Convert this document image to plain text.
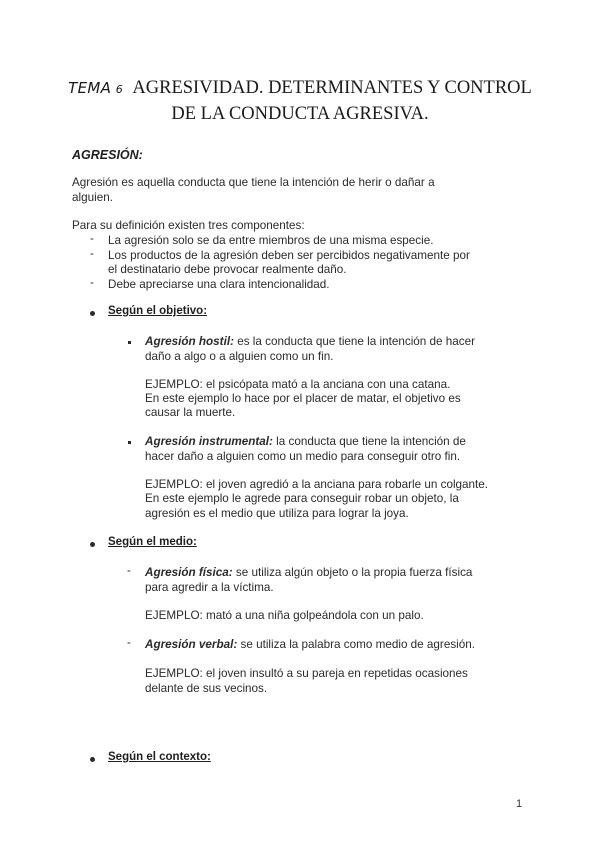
TEMA 6 AGRESIVIDAD. DETERMINANTES Y CONTROL
DE LA CONDUCTA AGRESIVA.
AGRESIÓN:
Agresión es aquella conducta que tiene la intención de herir o dañar a
alguien.
Para su definición existen tres componentes:
- La agresión solo se da entre miembros de una misma especie.
- Los productos de la agresión deben ser percibidos negativamente por
el destinatario debe provocar realmente daño.
- Debe apreciarse una clara intencionalidad.
Según el objetivo:
Agresión hostil: es la conducta que tiene la intención de hacer
daño a algo o a alguien como un fin.
EJEMPLO: el psicópata mató a la anciana con una catana.
En este ejemplo lo hace por el placer de matar, el objetivo es
causar la muerte.
Agresión instrumental: la conducta que tiene la intención de
hacer daño a alguien como un medio para conseguir otro fin.
EJEMPLO: el joven agredió a la anciana para robarle un colgante.
En este ejemplo le agrede para conseguir robar un objeto, la
agresión es el medio que utiliza para lograr la joya.
Según el medio:
- Agresión física: se utiliza algún objeto o la propia fuerza física
para agredir a la víctima.
EJEMPLO: mató a una niña golpeándola con un palo.
- Agresión verbal: se utiliza la palabra como medio de agresión.
EJEMPLO: el joven insultó a su pareja en repetidas ocasiones
delante de sus vecinos.
Según el contexto:
1
